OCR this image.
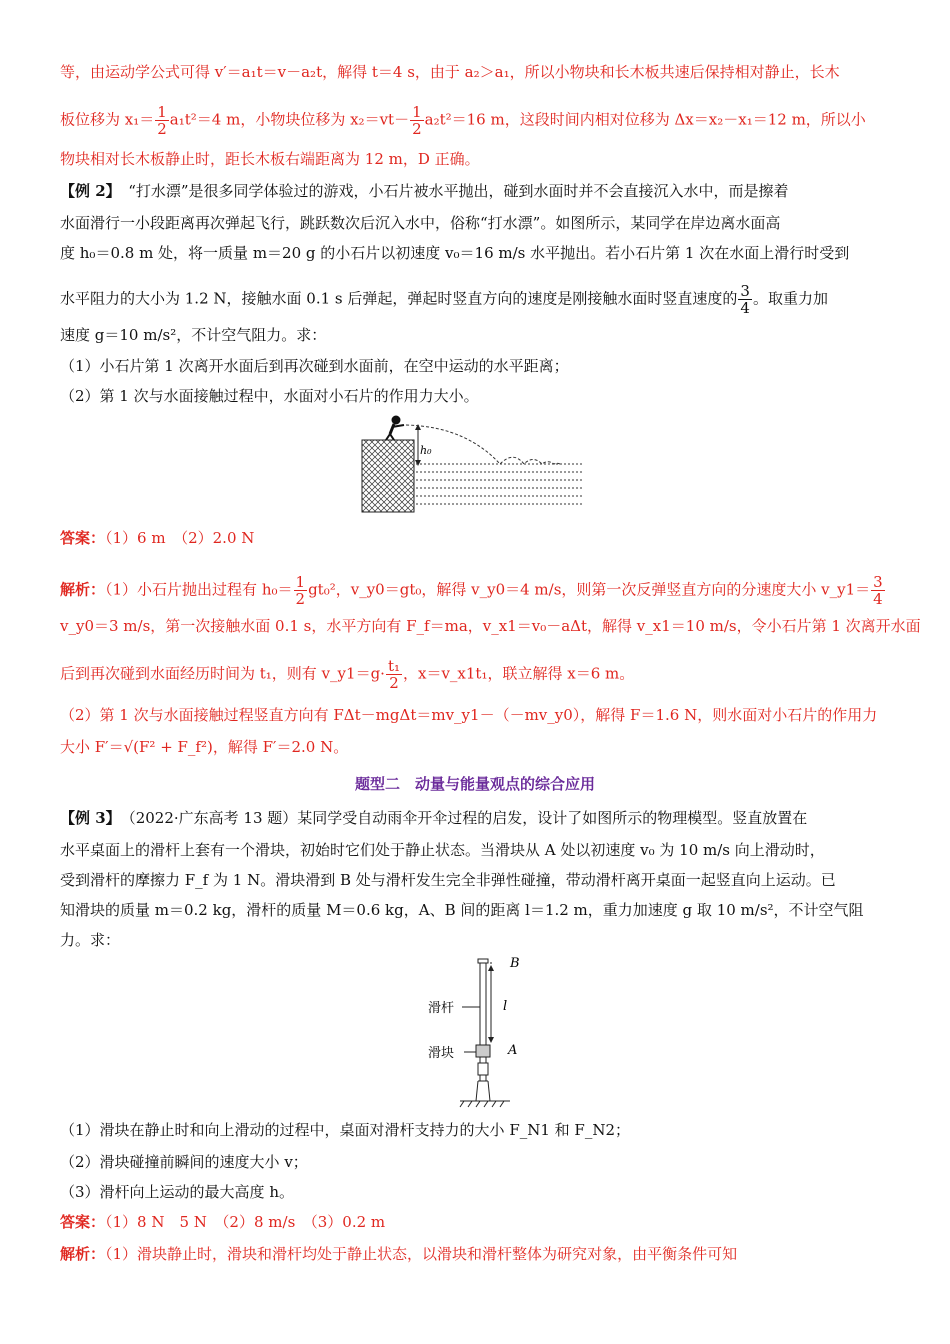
等，由运动学公式可得 v′＝a₁t＝v－a₂t，解得 t＝4 s，由于 a₂＞a₁，所以小物块和长木板共速后保持相对静止，长木
板位移为 $x_1= \frac{1}{2} a_1t^2=4$ m，小物块位移为 $x_2=vt- \frac{1}{2} a_2t^2=16$ m，这段时间内相对位移为 Δx＝x₂－x₁＝12 m，所以小
物块相对长木板静止时，距长木板右端距离为 12 m，D 正确。
【例 2】　 “打水漂”是很多同学体验过的游戏，小石片被水平抛出，碰到水面时并不会直接沉入水中，而是擦着
水面滑行一小段距离再次弹起飞行，跳跃数次后沉入水中，俗称“打水漂”。如图所示，某同学在岸边离水面高
度 h₀＝0.8 m 处，将一质量 m＝20 g 的小石片以初速度 v₀＝16 m/s 水平抛出。若小石片第 1 次在水面上滑行时受到
水平阻力的大小为 1.2 N，接触水面 0.1 s 后弹起，弹起时竖直方向的速度是刚接触水面时竖直速度的 $\frac{3}{4}$ 。取重力加
速度 g＝10 m/s²，不计空气阻力。求：
（1）小石片第 1 次离开水面后到再次碰到水面前，在空中运动的水平距离；
（2）第 1 次与水面接触过程中，水面对小石片的作用力大小。
h₀
答案：（1）6 m　（2）2.0 N
解析：（1）小石片抛出过程有 $h_0= \frac{1}{2} gt_0^2$，v_y0＝gt₀，解得 v_y0＝4 m/s，则第一次反弹竖直方向的分速度大小 v_y1＝ $\frac{3}{4}$
v_y0＝3 m/s，第一次接触水面 0.1 s，水平方向有 F_f＝ma，v_x1＝v₀－aΔt，解得 v_x1＝10 m/s，令小石片第 1 次离开水面
后到再次碰到水面经历时间为 t₁，则有 v_y1＝g· $\frac{\text{t₁}}{2}$ ，x＝v_x1t₁，联立解得 x＝6 m。
（2）第 1 次与水面接触过程竖直方向有 FΔt－mgΔt＝mv_y1－（－mv_y0），解得 F＝1.6 N，则水面对小石片的作用力
大小 F′＝√(F² + F_f²)，解得 F′＝2.0 N。
题型二　动量与能量观点的综合应用
【例 3】　 （2022·广东高考 13 题）某同学受自动雨伞开伞过程的启发，设计了如图所示的物理模型。竖直放置在
水平桌面上的滑杆上套有一个滑块，初始时它们处于静止状态。当滑块从 A 处以初速度 v₀ 为 10 m/s 向上滑动时，
受到滑杆的摩擦力 F_f 为 1 N。滑块滑到 B 处与滑杆发生完全非弹性碰撞，带动滑杆离开桌面一起竖直向上运动。已
知滑块的质量 m＝0.2 kg，滑杆的质量 M＝0.6 kg，A、B 间的距离 l＝1.2 m，重力加速度 g 取 10 m/s²，不计空气阻
力。求：
B
A
l
滑杆
滑块
（1）滑块在静止时和向上滑动的过程中，桌面对滑杆支持力的大小 F_N1 和 F_N2；
（2）滑块碰撞前瞬间的速度大小 v；
（3）滑杆向上运动的最大高度 h。
答案：（1）8 N　5 N　（2）8 m/s　（3）0.2 m
解析：（1）滑块静止时，滑块和滑杆均处于静止状态，以滑块和滑杆整体为研究对象，由平衡条件可知
